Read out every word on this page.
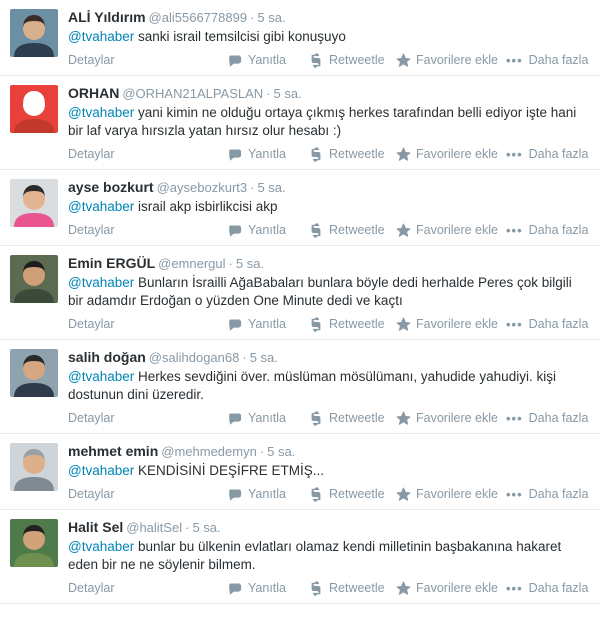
ALİ Yıldırım @ali5566778899 · 5 sa.
@tvahaber sanki israil temsilcisi gibi konuşuyo
Detaylar	Yanıtla	Retweetle	Favorilere ekle ••• Daha fazla
ORHAN @ORHAN21ALPASLAN · 5 sa.
@tvahaber yani kimin ne olduğu ortaya çıkmış herkes tarafından belli ediyor işte hani bir laf varya hırsızla yatan hırsız olur hesabı :)
Detaylar	Yanıtla	Retweetle	Favorilere ekle ••• Daha fazla
ayse bozkurt @aysebozkurt3 · 5 sa.
@tvahaber israil akp isbirlikcisi akp
Detaylar	Yanıtla	Retweetle	Favorilere ekle ••• Daha fazla
Emin ERGÜL @emnergul · 5 sa.
@tvahaber Bunların İsrailli AğaBabaları bunlara böyle dedi herhalde Peres çok bilgili bir adamdır Erdoğan o yüzden One Minute dedi ve kaçtı
Detaylar	Yanıtla	Retweetle	Favorilere ekle ••• Daha fazla
salih doğan @salihdogan68 · 5 sa.
@tvahaber Herkes sevdiğini över. müslüman mösülümanı, yahudide yahudiyi. kişi dostunun dini üzeredir.
Detaylar	Yanıtla	Retweetle	Favorilere ekle ••• Daha fazla
mehmet emin @mehmedemyn · 5 sa.
@tvahaber KENDİSİNİ DEŞİFRE ETMİŞ...
Detaylar	Yanıtla	Retweetle	Favorilere ekle ••• Daha fazla
Halit Sel @halitSel · 5 sa.
@tvahaber bunlar bu ülkenin evlatları olamaz kendi milletinin başbakanına hakaret eden bir ne ne söylenir bilmem.
Detaylar	Yanıtla	Retweetle	Favorilere ekle ••• Daha fazla
